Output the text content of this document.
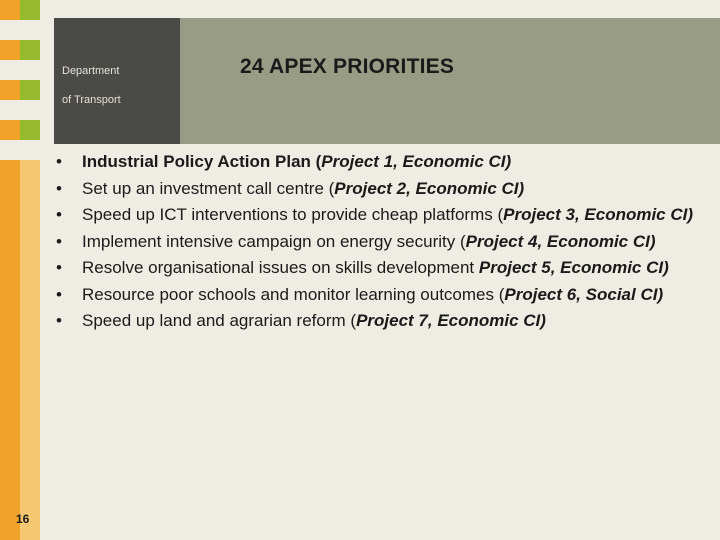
Department
of Transport
24 APEX PRIORITIES
• Industrial Policy Action Plan (Project 1, Economic CI)
• Set up an investment call centre (Project 2, Economic CI)
• Speed up ICT interventions to provide cheap platforms (Project 3, Economic CI)
• Implement intensive campaign on energy security (Project 4, Economic CI)
• Resolve organisational issues on skills development Project 5, Economic CI)
• Resource poor schools and monitor learning outcomes (Project 6, Social CI)
• Speed up land and agrarian reform (Project 7, Economic CI)
16
